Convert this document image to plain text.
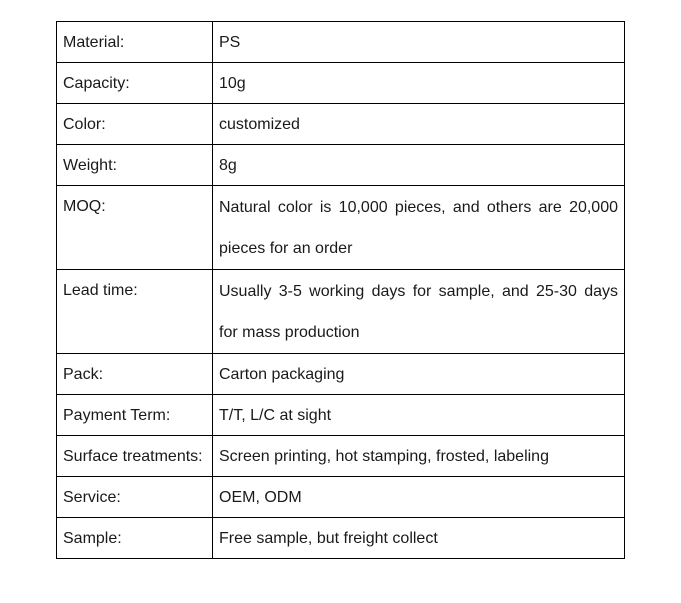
Material:	PS
Capacity:	10g
Color:	customized
Weight:	8g
MOQ:	Natural color is 10,000 pieces, and others are 20,000 pieces for an order
Lead time:	Usually 3-5 working days for sample, and 25-30 days for mass production
Pack:	Carton packaging
Payment Term:	T/T, L/C at sight
Surface treatments:	Screen printing, hot stamping, frosted, labeling
Service:	OEM, ODM
Sample:	Free sample, but freight collect
